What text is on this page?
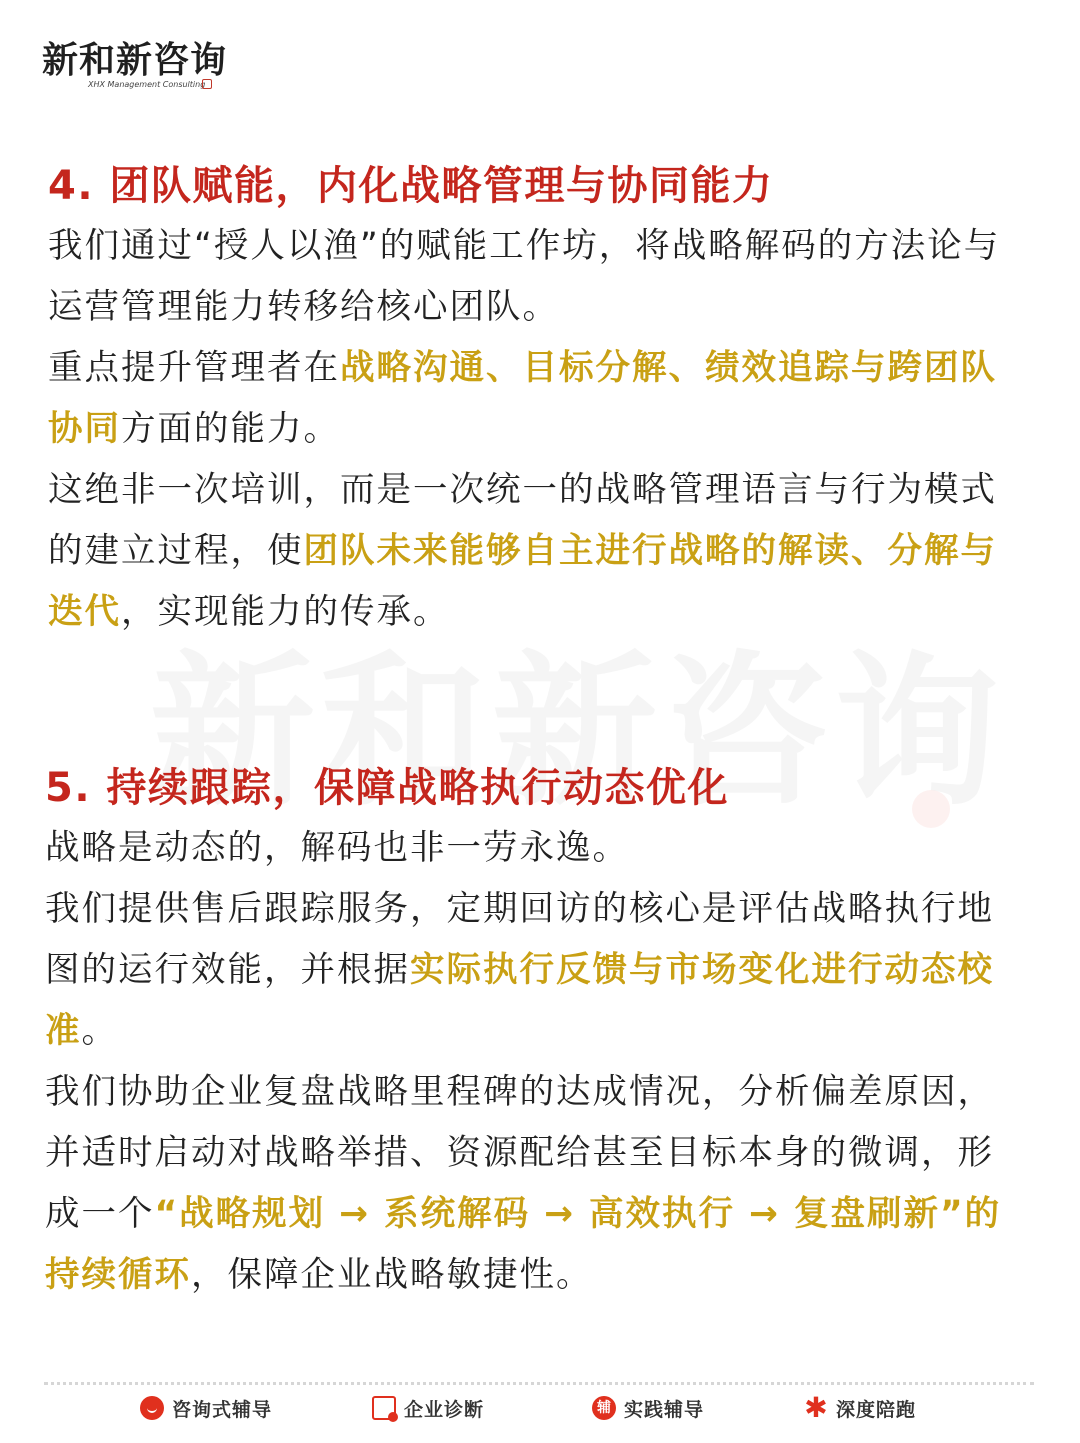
新和新咨询
XHX Management Consulting
4. 团队赋能，内化战略管理与协同能力

我们通过“授人以渔”的赋能工作坊，将战略解码的方法论与运营管理能力转移给核心团队。

重点提升管理者在战略沟通、目标分解、绩效追踪与跨团队协同方面的能力。

这绝非一次培训，而是一次统一的战略管理语言与行为模式的建立过程，使团队未来能够自主进行战略的解读、分解与迭代，实现能力的传承。

5. 持续跟踪，保障战略执行动态优化

战略是动态的，解码也非一劳永逸。

我们提供售后跟踪服务，定期回访的核心是评估战略执行地图的运行效能，并根据实际执行反馈与市场变化进行动态校准。

我们协助企业复盘战略里程碑的达成情况，分析偏差原因，并适时启动对战略举措、资源配给甚至目标本身的微调，形成一个“战略规划 → 系统解码 → 高效执行 → 复盘刷新”的持续循环，保障企业战略敏捷性。

咨询式辅导	企业诊断	辅 实践辅导	✱ 深度陪跑
